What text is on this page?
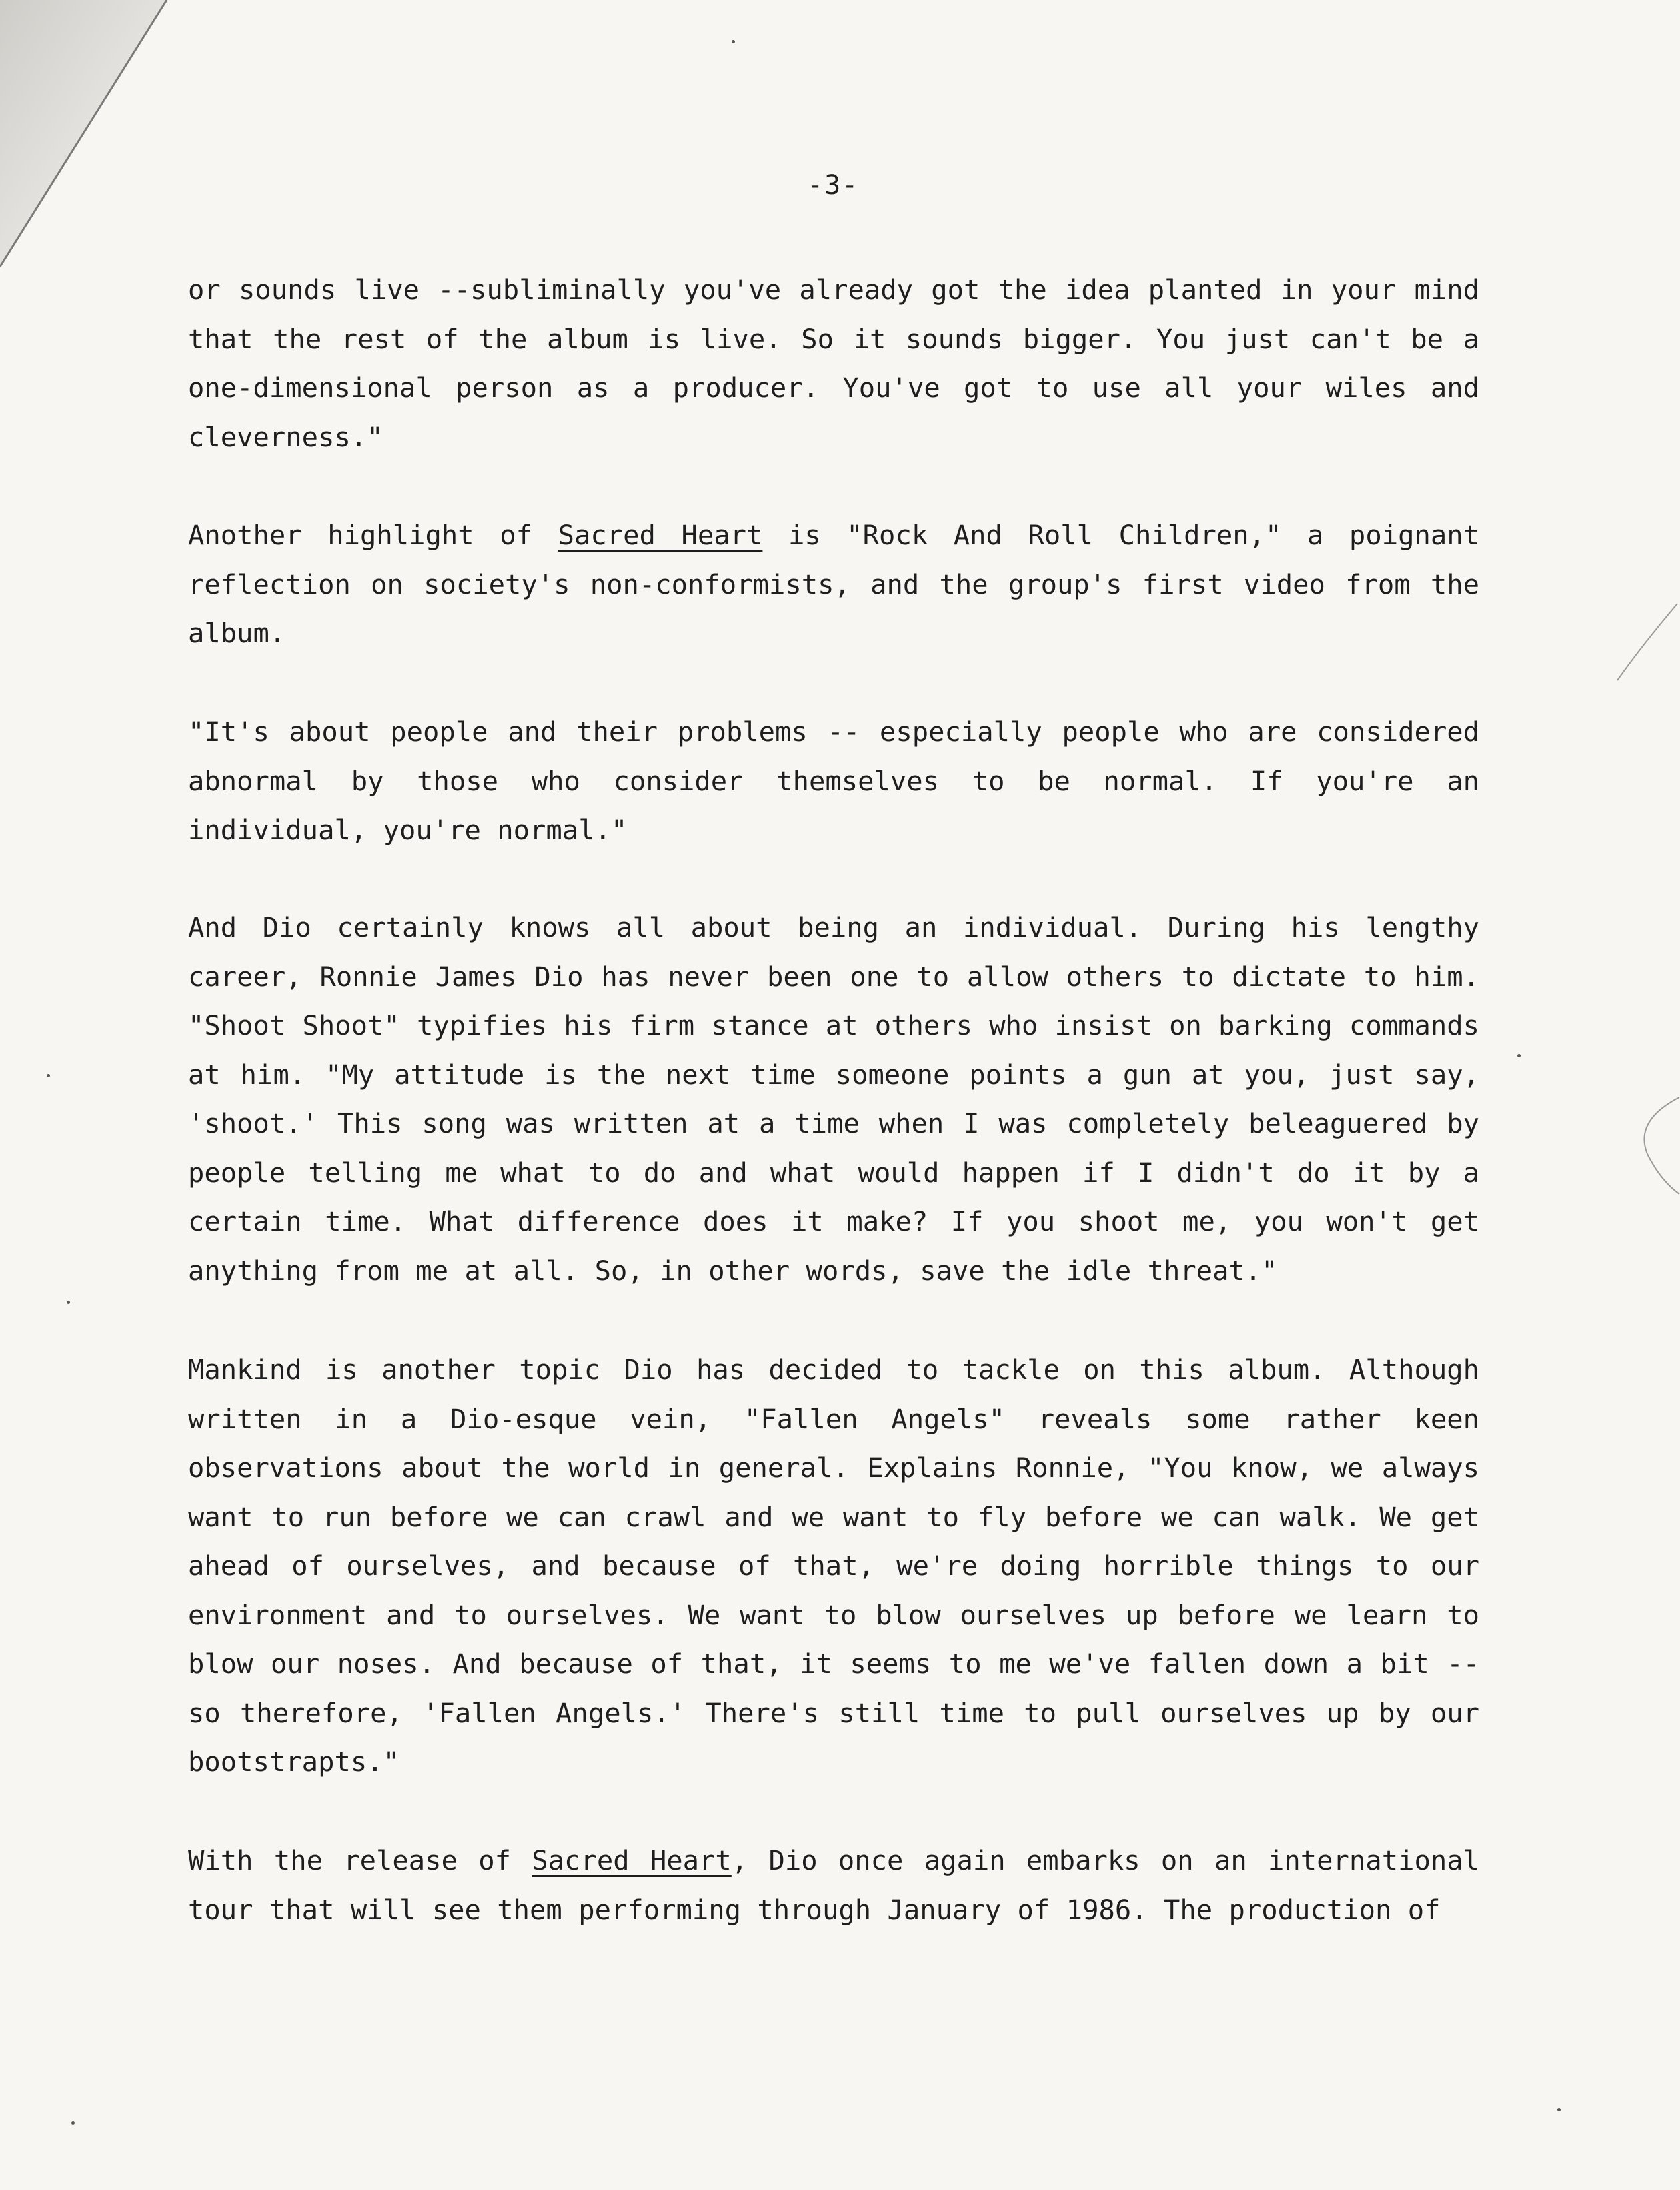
-3-
or sounds live --subliminally you've already got the idea planted in your mind that the rest of the album is live. So it sounds bigger. You just can't be a one-dimensional person as a producer. You've got to use all your wiles and cleverness."
Another highlight of Sacred Heart is "Rock And Roll Children," a poignant reflection on society's non-conformists, and the group's first video from the album.
"It's about people and their problems -- especially people who are considered abnormal by those who consider themselves to be normal. If you're an individual, you're normal."
And Dio certainly knows all about being an individual. During his lengthy career, Ronnie James Dio has never been one to allow others to dictate to him. "Shoot Shoot" typifies his firm stance at others who insist on barking commands at him. "My attitude is the next time someone points a gun at you, just say, 'shoot.' This song was written at a time when I was completely beleaguered by people telling me what to do and what would happen if I didn't do it by a certain time. What difference does it make? If you shoot me, you won't get anything from me at all. So, in other words, save the idle threat."
Mankind is another topic Dio has decided to tackle on this album. Although written in a Dio-esque vein, "Fallen Angels" reveals some rather keen observations about the world in general. Explains Ronnie, "You know, we always want to run before we can crawl and we want to fly before we can walk. We get ahead of ourselves, and because of that, we're doing horrible things to our environment and to ourselves. We want to blow ourselves up before we learn to blow our noses. And because of that, it seems to me we've fallen down a bit -- so therefore, 'Fallen Angels.' There's still time to pull ourselves up by our bootstrapts."
With the release of Sacred Heart, Dio once again embarks on an international tour that will see them performing through January of 1986. The production of
